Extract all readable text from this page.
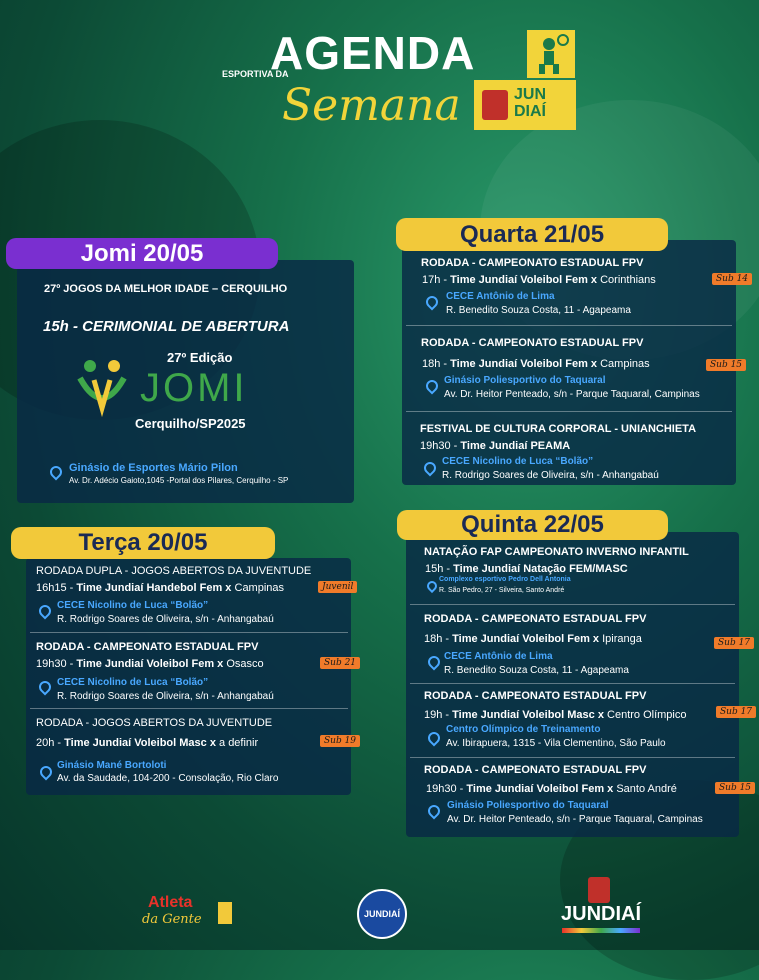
AGENDA
ESPORTIVA DA
Semana	JUN DIAÍ
Jomi 20/05
27º JOGOS DA MELHOR IDADE – CERQUILHO
15h - CERIMONIAL DE ABERTURA
27º Edição
JOMI
Cerquilho/SP2025
Ginásio de Esportes Mário Pilon
Av. Dr. Adécio Gaioto,1045 -Portal dos Pilares, Cerquilho - SP
Terça 20/05
RODADA DUPLA - JOGOS ABERTOS DA JUVENTUDE
16h15 - Time Jundiaí Handebol Fem x Campinas	Juvenil
CECE Nicolino de Luca “Bolão”
R. Rodrigo Soares de Oliveira, s/n - Anhangabaú
RODADA - CAMPEONATO ESTADUAL FPV
19h30 - Time Jundiaí Voleibol Fem x Osasco	Sub 21
CECE Nicolino de Luca “Bolão”
R. Rodrigo Soares de Oliveira, s/n - Anhangabaú
RODADA - JOGOS ABERTOS DA JUVENTUDE
20h - Time Jundiaí Voleibol Masc x a definir	Sub 19
Ginásio Mané Bortoloti
Av. da Saudade, 104-200 - Consolação, Rio Claro
Quarta 21/05
RODADA - CAMPEONATO ESTADUAL FPV
17h - Time Jundiaí Voleibol Fem x Corinthians	Sub 14
CECE Antônio de Lima
R. Benedito Souza Costa, 11 - Agapeama
RODADA - CAMPEONATO ESTADUAL FPV
18h - Time Jundiaí Voleibol Fem x Campinas	Sub 15
Ginásio Poliesportivo do Taquaral
Av. Dr. Heitor Penteado, s/n - Parque Taquaral, Campinas
FESTIVAL DE CULTURA CORPORAL - UNIANCHIETA
19h30 - Time Jundiaí PEAMA
CECE Nicolino de Luca “Bolão”
R. Rodrigo Soares de Oliveira, s/n - Anhangabaú
Quinta 22/05
NATAÇÃO FAP CAMPEONATO INVERNO INFANTIL
15h - Time Jundiaí Natação FEM/MASC
Complexo esportivo Pedro Dell Antonia
R. São Pedro, 27 - Silveira, Santo André
RODADA - CAMPEONATO ESTADUAL FPV
18h - Time Jundiaí Voleibol Fem x Ipiranga	Sub 17
CECE Antônio de Lima
R. Benedito Souza Costa, 11 - Agapeama
RODADA - CAMPEONATO ESTADUAL FPV
19h - Time Jundiaí Voleibol Masc x Centro Olímpico	Sub 17
Centro Olímpico de Treinamento
Av. Ibirapuera, 1315 - Vila Clementino, São Paulo
RODADA - CAMPEONATO ESTADUAL FPV
19h30 - Time Jundiaí Voleibol Fem x Santo André	Sub 15
Ginásio Poliesportivo do Taquaral
Av. Dr. Heitor Penteado, s/n - Parque Taquaral, Campinas
Atleta
da Gente	JUNDIAÍ	JUNDIAÍ
